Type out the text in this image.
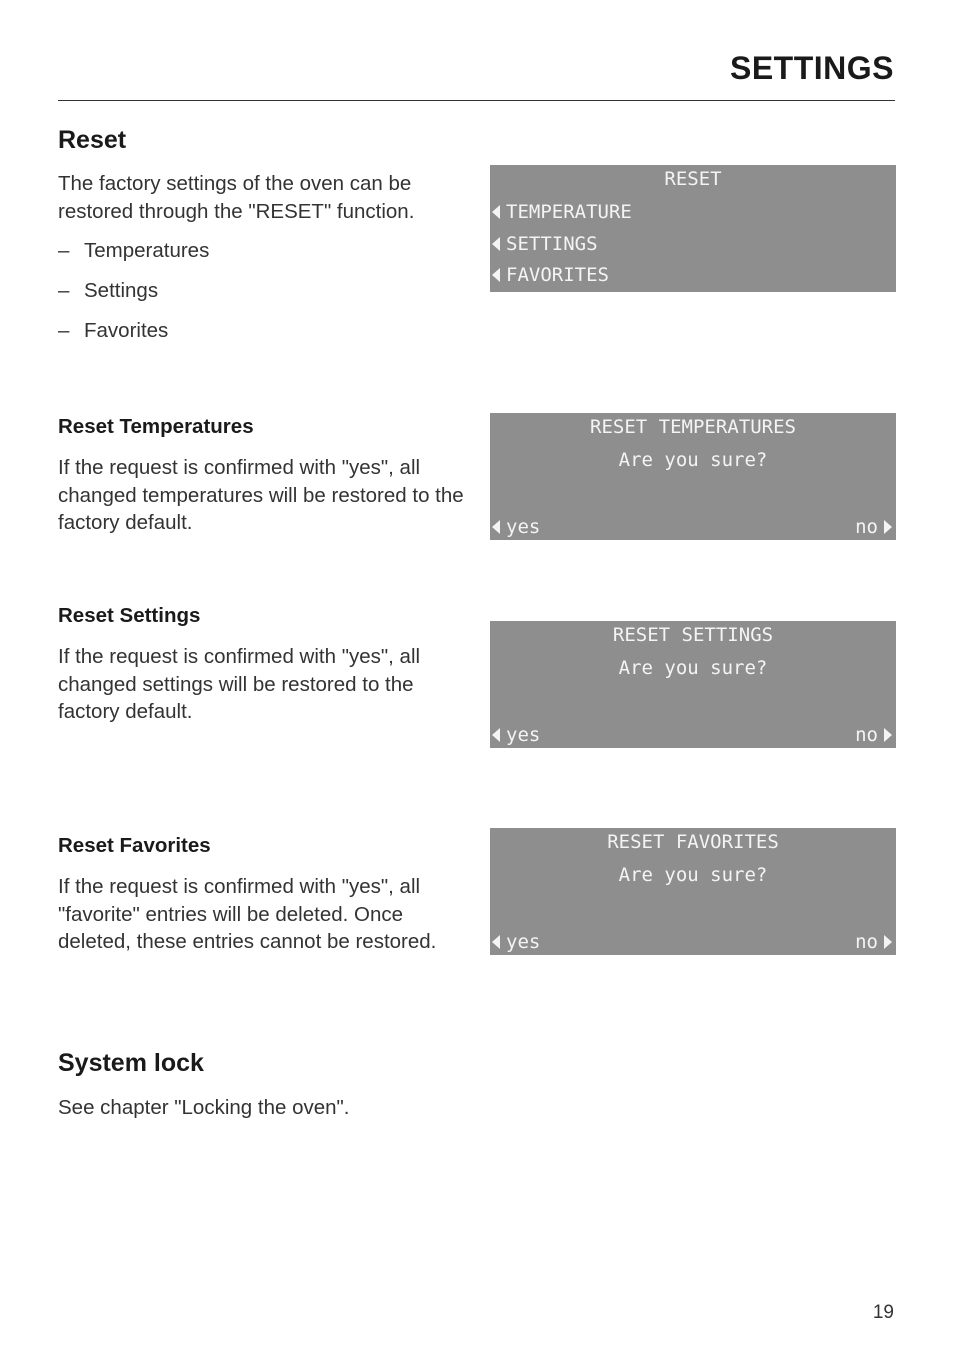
SETTINGS
Reset

The factory settings of the oven can be restored through the "RESET" function.

– Temperatures
– Settings
– Favorites
RESET
TEMPERATURE
SETTINGS
FAVORITES
Reset Temperatures

If the request is confirmed with "yes", all changed temperatures will be restored to the factory default.

RESET TEMPERATURES
Are you sure?
yes	no
Reset Settings

If the request is confirmed with "yes", all changed settings will be restored to the factory default.

RESET SETTINGS
Are you sure?
yes	no
Reset Favorites

If the request is confirmed with "yes", all "favorite" entries will be deleted. Once deleted, these entries cannot be restored.

RESET FAVORITES
Are you sure?
yes	no
System lock

See chapter "Locking the oven".

19
